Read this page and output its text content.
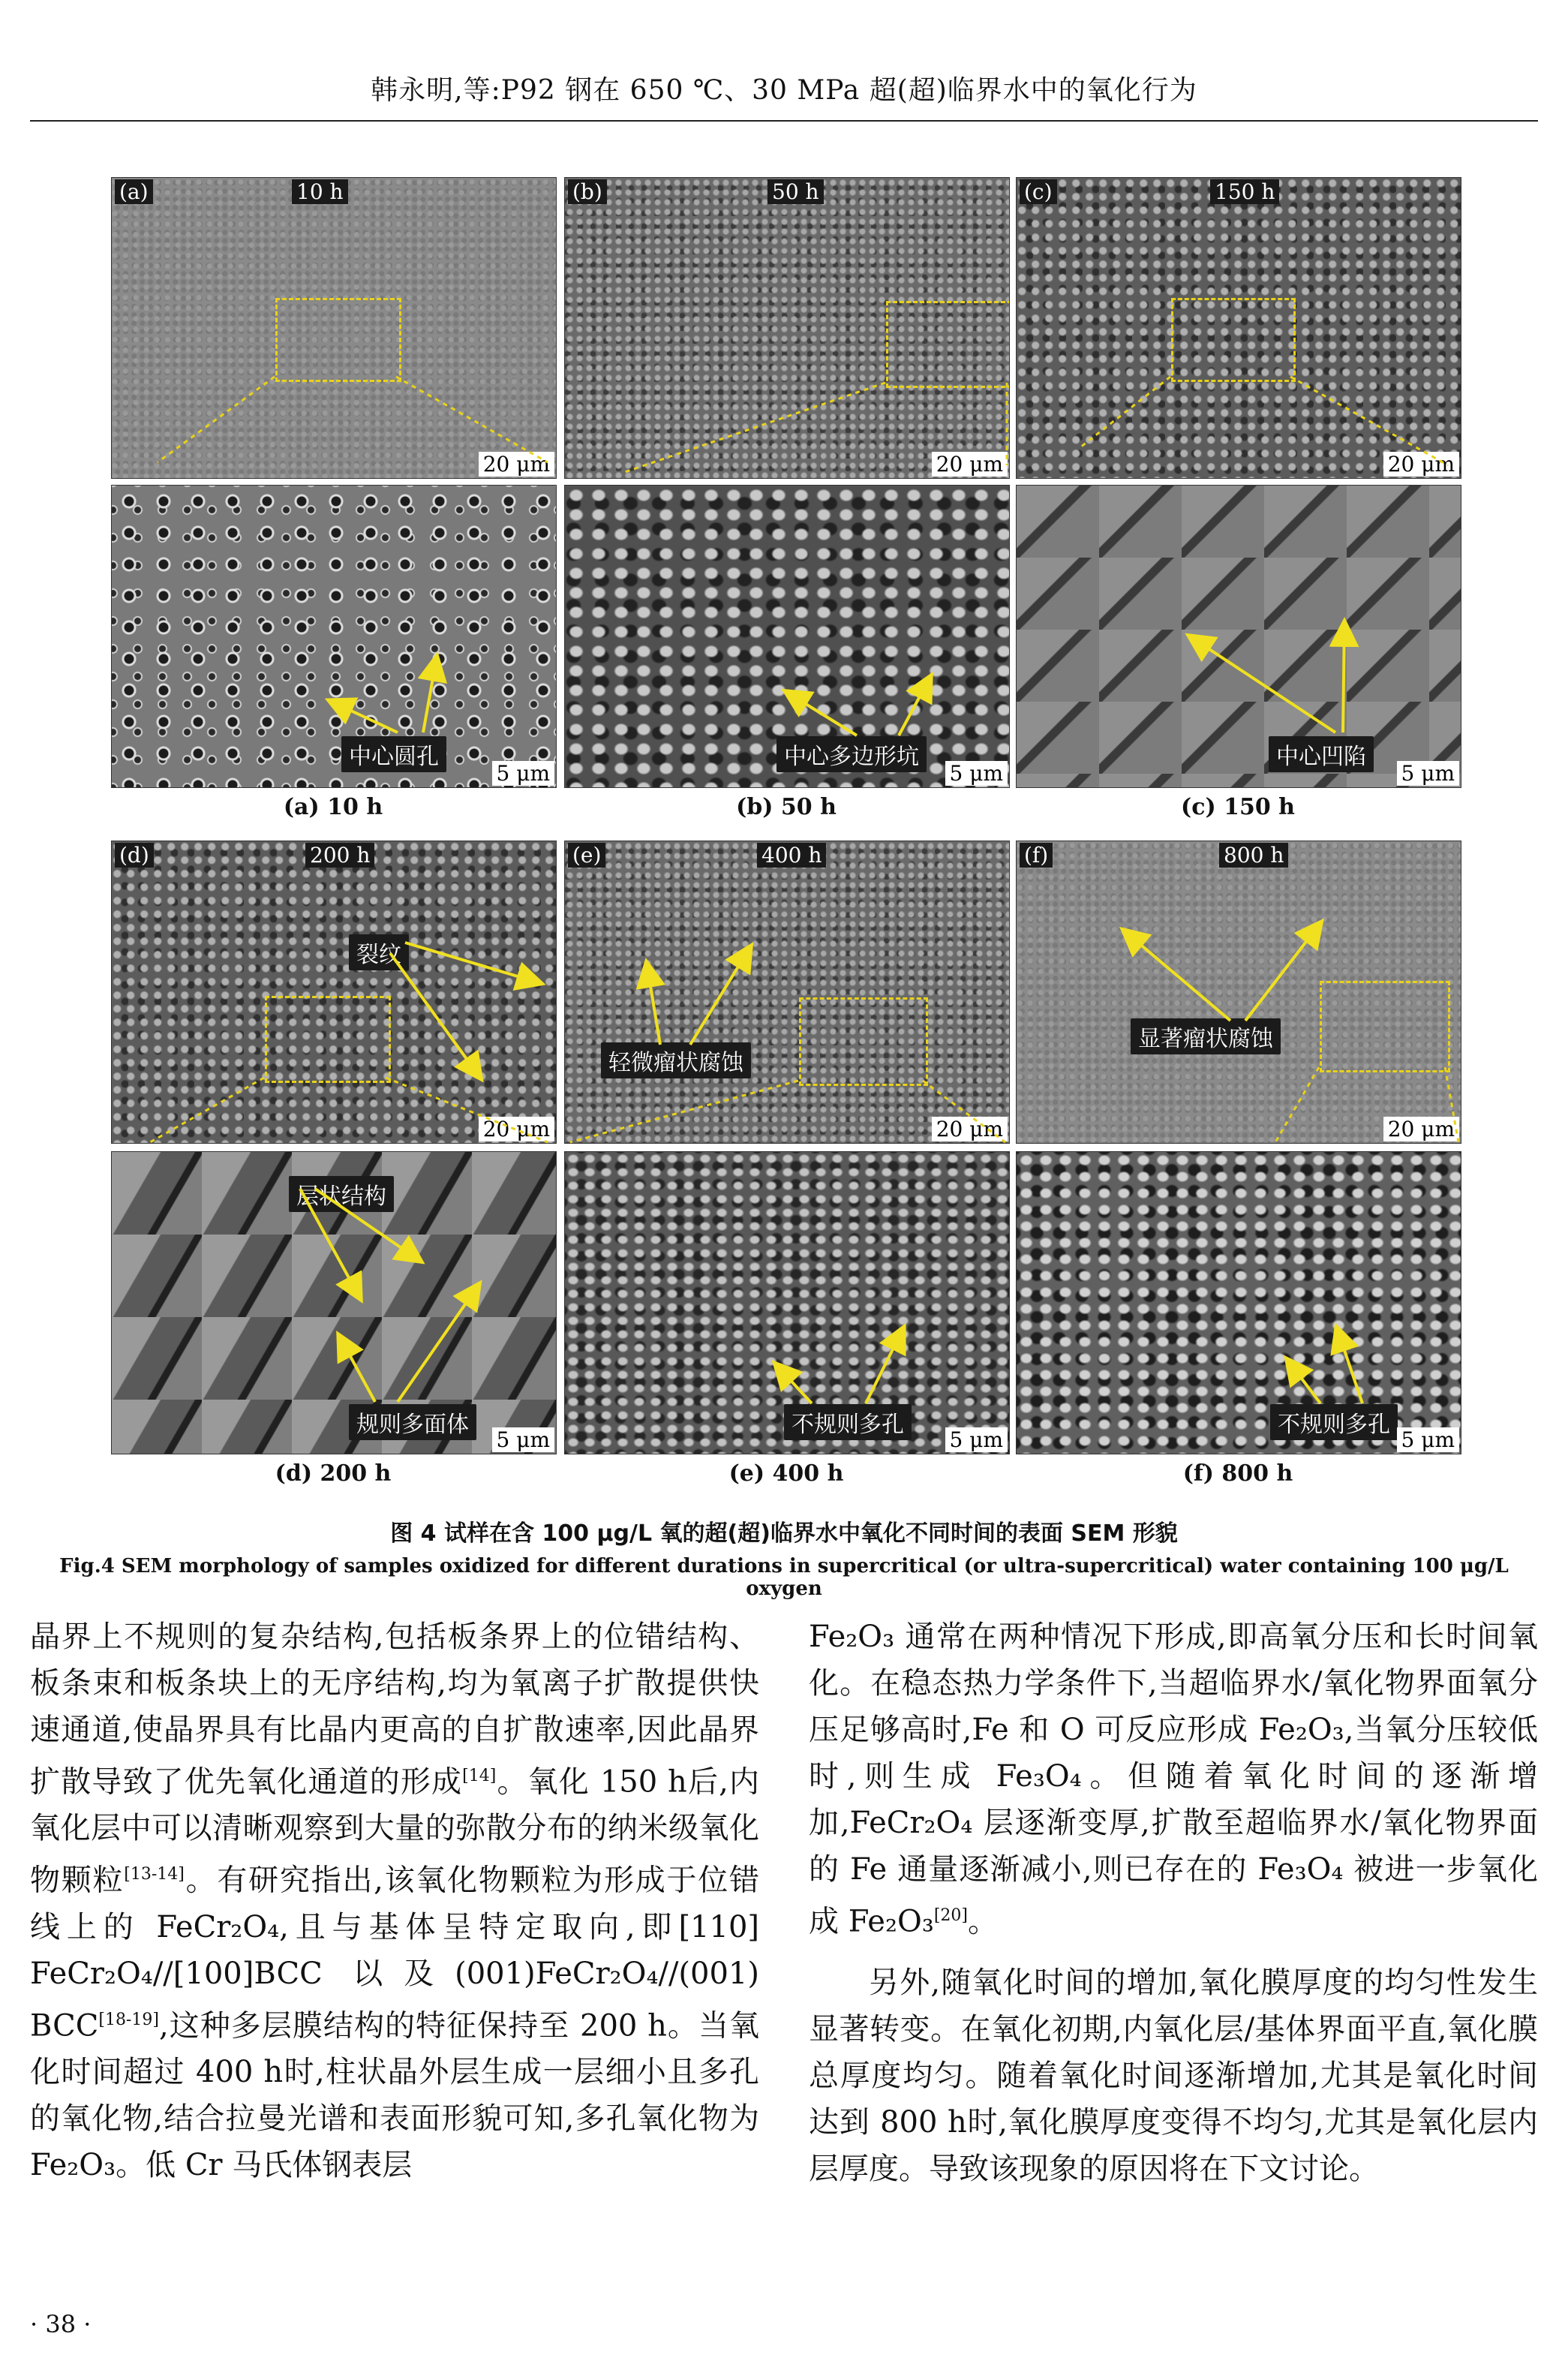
韩永明,等:P92 钢在 650 ℃、30 MPa 超(超)临界水中的氧化行为
(a)	10 h
20 μm
(b)	50 h
20 μm
(c)	150 h
20 μm
中心圆孔
5 μm
中心多边形坑
5 μm
中心凹陷
5 μm
(a) 10 h	(b) 50 h	(c) 150 h
(d)	200 h
裂纹
20 μm
(e)	400 h
轻微瘤状腐蚀
20 μm
(f)	800 h
显著瘤状腐蚀
20 μm
层状结构
规则多面体
5 μm
不规则多孔
5 μm
不规则多孔
5 μm
(d) 200 h	(e) 400 h	(f) 800 h
图 4 试样在含 100 μg/L 氧的超(超)临界水中氧化不同时间的表面 SEM 形貌
Fig.4 SEM morphology of samples oxidized for different durations in supercritical (or ultra-supercritical) water containing 100 μg/L oxygen

晶界上不规则的复杂结构,包括板条界上的位错结构、板条束和板条块上的无序结构,均为氧离子扩散提供快速通道,使晶界具有比晶内更高的自扩散速率,因此晶界扩散导致了优先氧化通道的形成[14]。氧化 150 h后,内氧化层中可以清晰观察到大量的弥散分布的纳米级氧化物颗粒[13-14]。有研究指出,该氧化物颗粒为形成于位错线上的 FeCr₂O₄,且与基体呈特定取向,即[110] FeCr₂O₄//[100]BCC 以及(001)FeCr₂O₄//(001) BCC[18-19],这种多层膜结构的特征保持至 200 h。当氧化时间超过 400 h时,柱状晶外层生成一层细小且多孔的氧化物,结合拉曼光谱和表面形貌可知,多孔氧化物为 Fe₂O₃。低 Cr 马氏体钢表层

Fe₂O₃ 通常在两种情况下形成,即高氧分压和长时间氧化。在稳态热力学条件下,当超临界水/氧化物界面氧分压足够高时,Fe 和 O 可反应形成 Fe₂O₃,当氧分压较低时,则生成 Fe₃O₄。但随着氧化时间的逐渐增加,FeCr₂O₄ 层逐渐变厚,扩散至超临界水/氧化物界面的 Fe 通量逐渐减小,则已存在的 Fe₃O₄ 被进一步氧化成 Fe₂O₃[20]。

另外,随氧化时间的增加,氧化膜厚度的均匀性发生显著转变。在氧化初期,内氧化层/基体界面平直,氧化膜总厚度均匀。随着氧化时间逐渐增加,尤其是氧化时间达到 800 h时,氧化膜厚度变得不均匀,尤其是氧化层内层厚度。导致该现象的原因将在下文讨论。

· 38 ·
